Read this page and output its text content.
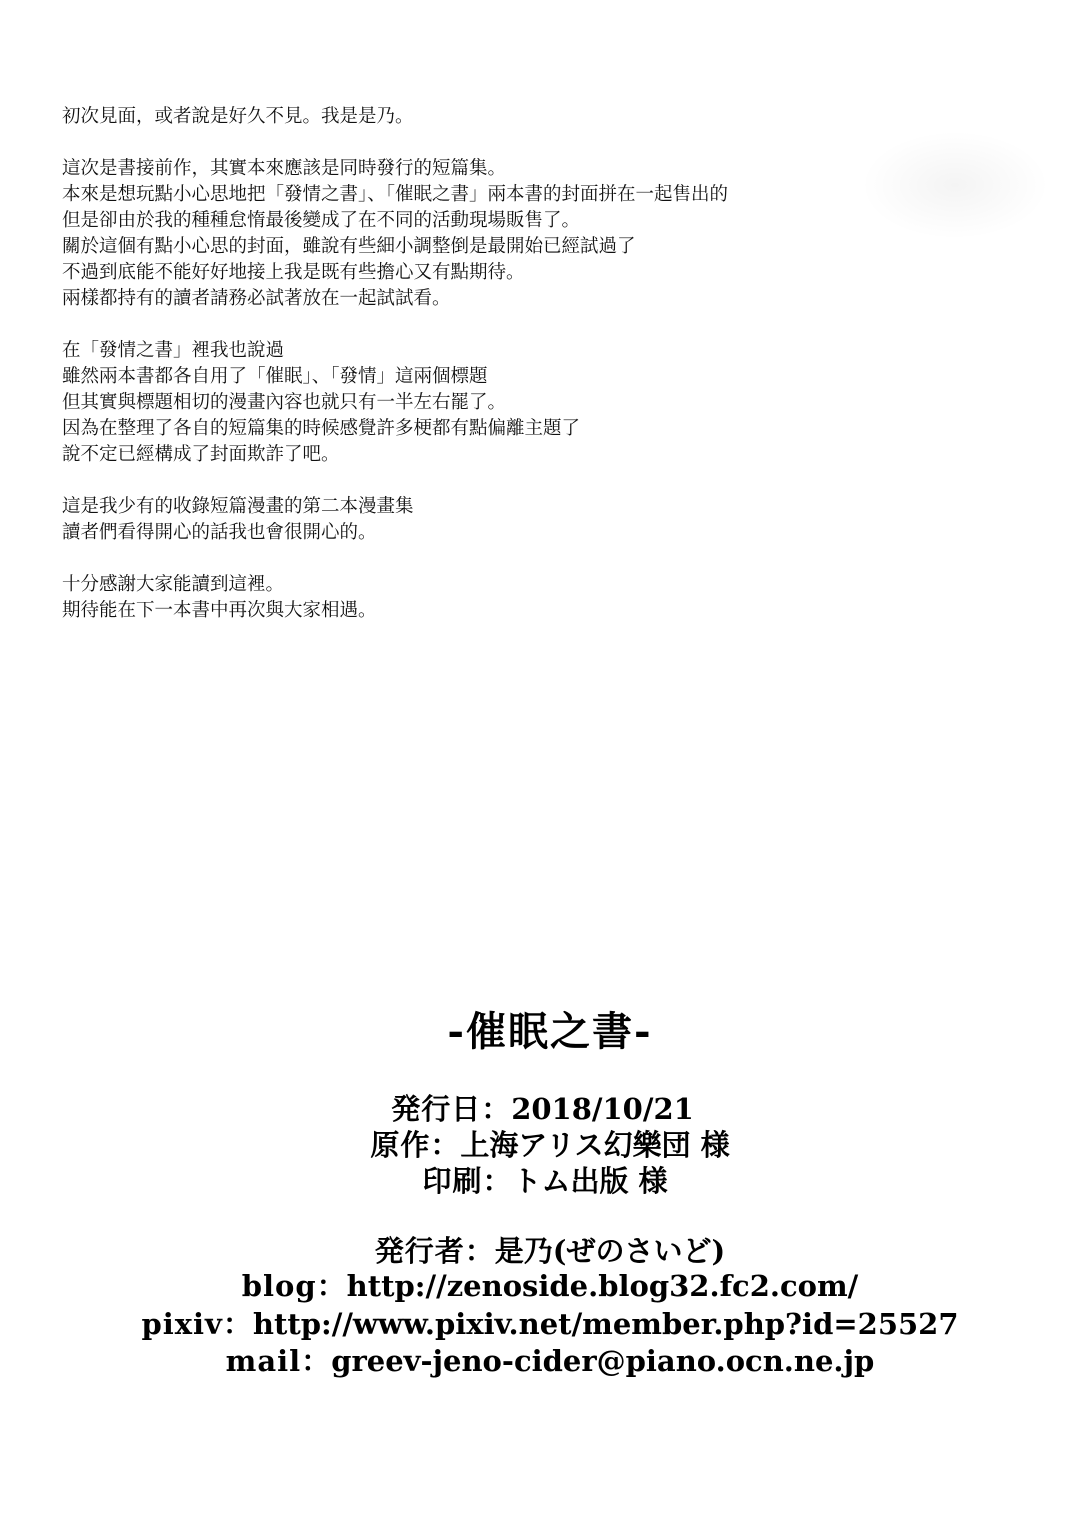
初次見面，或者說是好久不見。我是是乃。
這次是書接前作，其實本來應該是同時發行的短篇集。
本來是想玩點小心思地把「發情之書」、「催眠之書」兩本書的封面拼在一起售出的
但是卻由於我的種種怠惰最後變成了在不同的活動現場販售了。
關於這個有點小心思的封面，雖說有些細小調整倒是最開始已經試過了
不過到底能不能好好地接上我是既有些擔心又有點期待。
兩樣都持有的讀者請務必試著放在一起試試看。
在「發情之書」裡我也說過
雖然兩本書都各自用了「催眠」、「發情」這兩個標題
但其實與標題相切的漫畫內容也就只有一半左右罷了。
因為在整理了各自的短篇集的時候感覺許多梗都有點偏離主題了
說不定已經構成了封面欺詐了吧。
這是我少有的收錄短篇漫畫的第二本漫畫集
讀者們看得開心的話我也會很開心的。
十分感謝大家能讀到這裡。
期待能在下一本書中再次與大家相遇。
-催眠之書-
発行日：2018/10/21
原作：上海アリス幻樂団 様
印刷：トム出版 様
発行者：是乃(ぜのさいど)
blog：http://zenoside.blog32.fc2.com/
pixiv：http://www.pixiv.net/member.php?id=25527
mail：greev-jeno-cider@piano.ocn.ne.jp
